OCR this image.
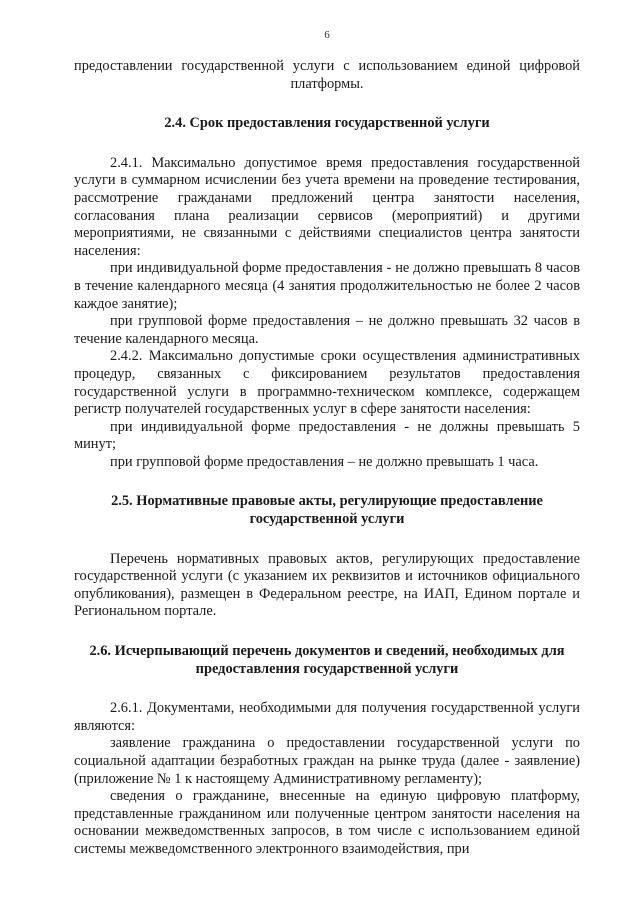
6

предоставлении государственной услуги с использованием единой цифровой платформы.

2.4. Срок предоставления государственной услуги

2.4.1. Максимально допустимое время предоставления государственной услуги в суммарном исчислении без учета времени на проведение тестирования, рассмотрение гражданами предложений центра занятости населения, согласования плана реализации сервисов (мероприятий) и другими мероприятиями, не связанными с действиями специалистов центра занятости населения:

при индивидуальной форме предоставления - не должно превышать 8 часов в течение календарного месяца (4 занятия продолжительностью не более 2 часов каждое занятие);

при групповой форме предоставления – не должно превышать 32 часов в течение календарного месяца.

2.4.2. Максимально допустимые сроки осуществления административных процедур, связанных с фиксированием результатов предоставления государственной услуги в программно-техническом комплексе, содержащем регистр получателей государственных услуг в сфере занятости населения:

при индивидуальной форме предоставления - не должны превышать 5 минут;

при групповой форме предоставления – не должно превышать 1 часа.

2.5. Нормативные правовые акты, регулирующие предоставление государственной услуги

Перечень нормативных правовых актов, регулирующих предоставление государственной услуги (с указанием их реквизитов и источников официального опубликования), размещен в Федеральном реестре, на ИАП, Едином портале и Региональном портале.

2.6. Исчерпывающий перечень документов и сведений, необходимых для предоставления государственной услуги

2.6.1. Документами, необходимыми для получения государственной услуги являются:

заявление гражданина о предоставлении государственной услуги по социальной адаптации безработных граждан на рынке труда (далее - заявление) (приложение № 1 к настоящему Административному регламенту);

сведения о гражданине, внесенные на единую цифровую платформу, представленные гражданином или полученные центром занятости населения на основании межведомственных запросов, в том числе с использованием единой системы межведомственного электронного взаимодействия, при
